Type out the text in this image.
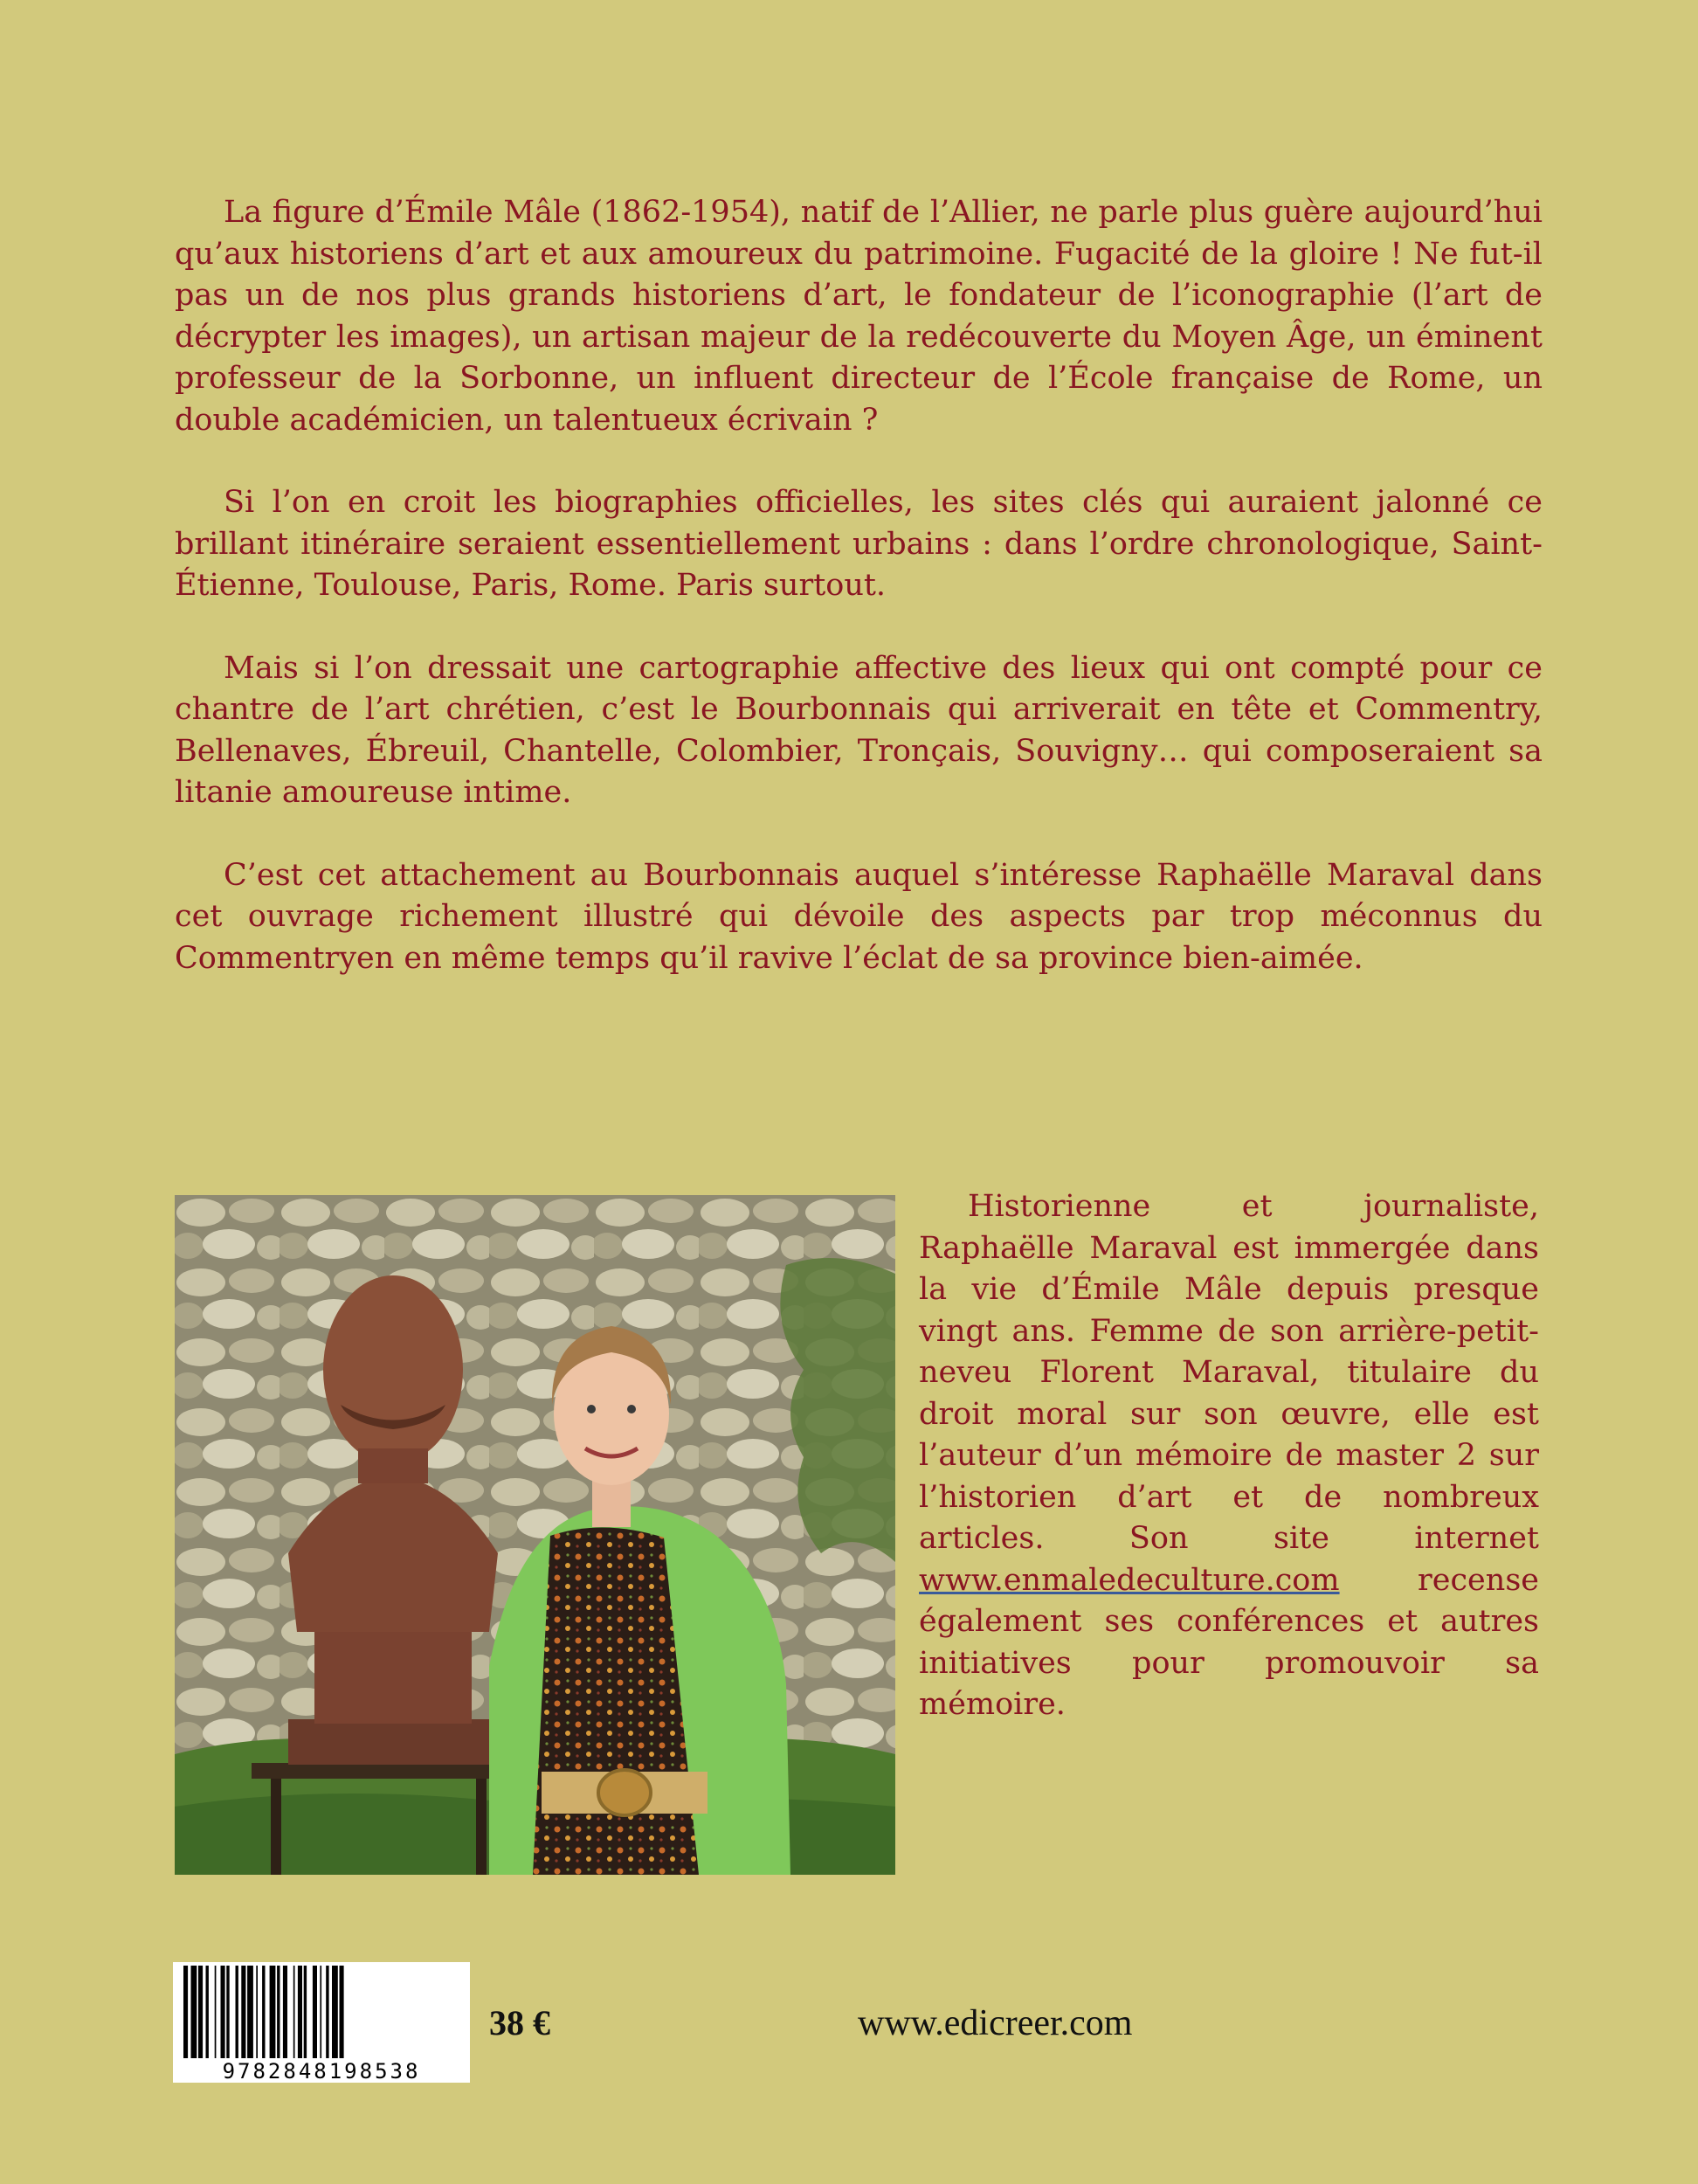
La figure d’Émile Mâle (1862-1954), natif de l’Allier, ne parle plus guère aujourd’hui qu’aux historiens d’art et aux amoureux du patrimoine. Fugacité de la gloire ! Ne fut-il pas un de nos plus grands historiens d’art, le fondateur de l’iconographie (l’art de décrypter les images), un artisan majeur de la redécouverte du Moyen Âge, un éminent professeur de la Sorbonne, un influent directeur de l’École française de Rome, un double académicien, un talentueux écrivain ?

Si l’on en croit les biographies officielles, les sites clés qui auraient jalonné ce brillant itinéraire seraient essentiellement urbains : dans l’ordre chronologique, Saint-Étienne, Toulouse, Paris, Rome. Paris surtout.

Mais si l’on dressait une cartographie affective des lieux qui ont compté pour ce chantre de l’art chrétien, c’est le Bourbonnais qui arriverait en tête et Commentry, Bellenaves, Ébreuil, Chantelle, Colombier, Tronçais, Souvigny… qui composeraient sa litanie amoureuse intime.

C’est cet attachement au Bourbonnais auquel s’intéresse Raphaëlle Maraval dans cet ouvrage richement illustré qui dévoile des aspects par trop méconnus du Commentryen en même temps qu’il ravive l’éclat de sa province bien-aimée.

Historienne et journaliste, Raphaëlle Maraval est immergée dans la vie d’Émile Mâle depuis presque vingt ans. Femme de son arrière-petit-neveu Florent Maraval, titulaire du droit moral sur son œuvre, elle est l’auteur d’un mémoire de master 2 sur l’historien d’art et de nombreux articles. Son site internet www.enmaledeculture.com recense également ses conférences et autres initiatives pour promouvoir sa mémoire.

9782848198538
38 €	www.edicreer.com
